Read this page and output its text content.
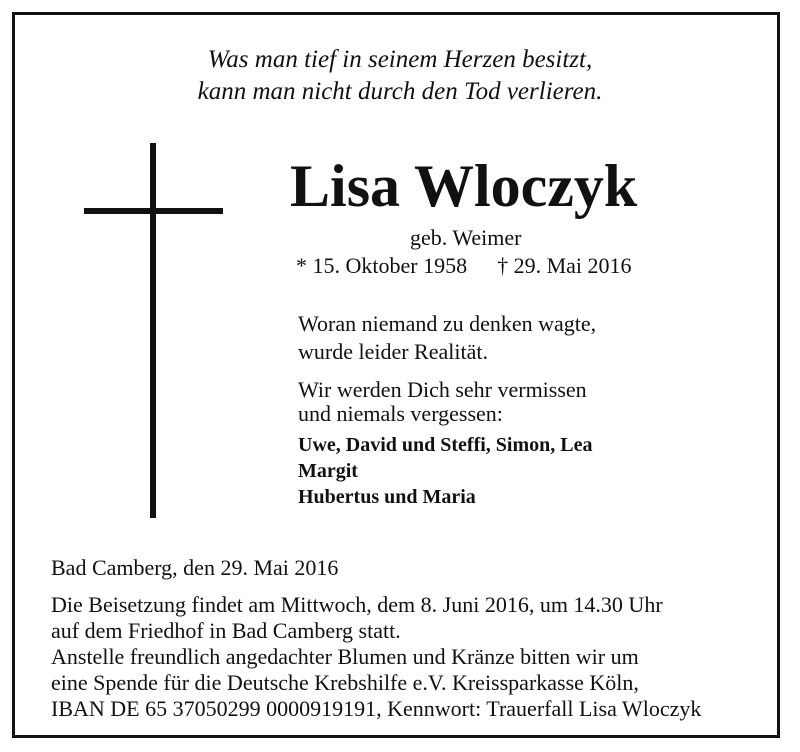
Was man tief in seinem Herzen besitzt,
kann man nicht durch den Tod verlieren.
Lisa Wloczyk
geb. Weimer
* 15. Oktober 1958 † 29. Mai 2016
Woran niemand zu denken wagte,
wurde leider Realität.
Wir werden Dich sehr vermissen
und niemals vergessen:
Uwe, David und Steffi, Simon, Lea
Margit
Hubertus und Maria
Bad Camberg, den 29. Mai 2016
Die Beisetzung findet am Mittwoch, dem 8. Juni 2016, um 14.30 Uhr
auf dem Friedhof in Bad Camberg statt.
Anstelle freundlich angedachter Blumen und Kränze bitten wir um
eine Spende für die Deutsche Krebshilfe e.V. Kreissparkasse Köln,
IBAN DE 65 37050299 0000919191, Kennwort: Trauerfall Lisa Wloczyk
